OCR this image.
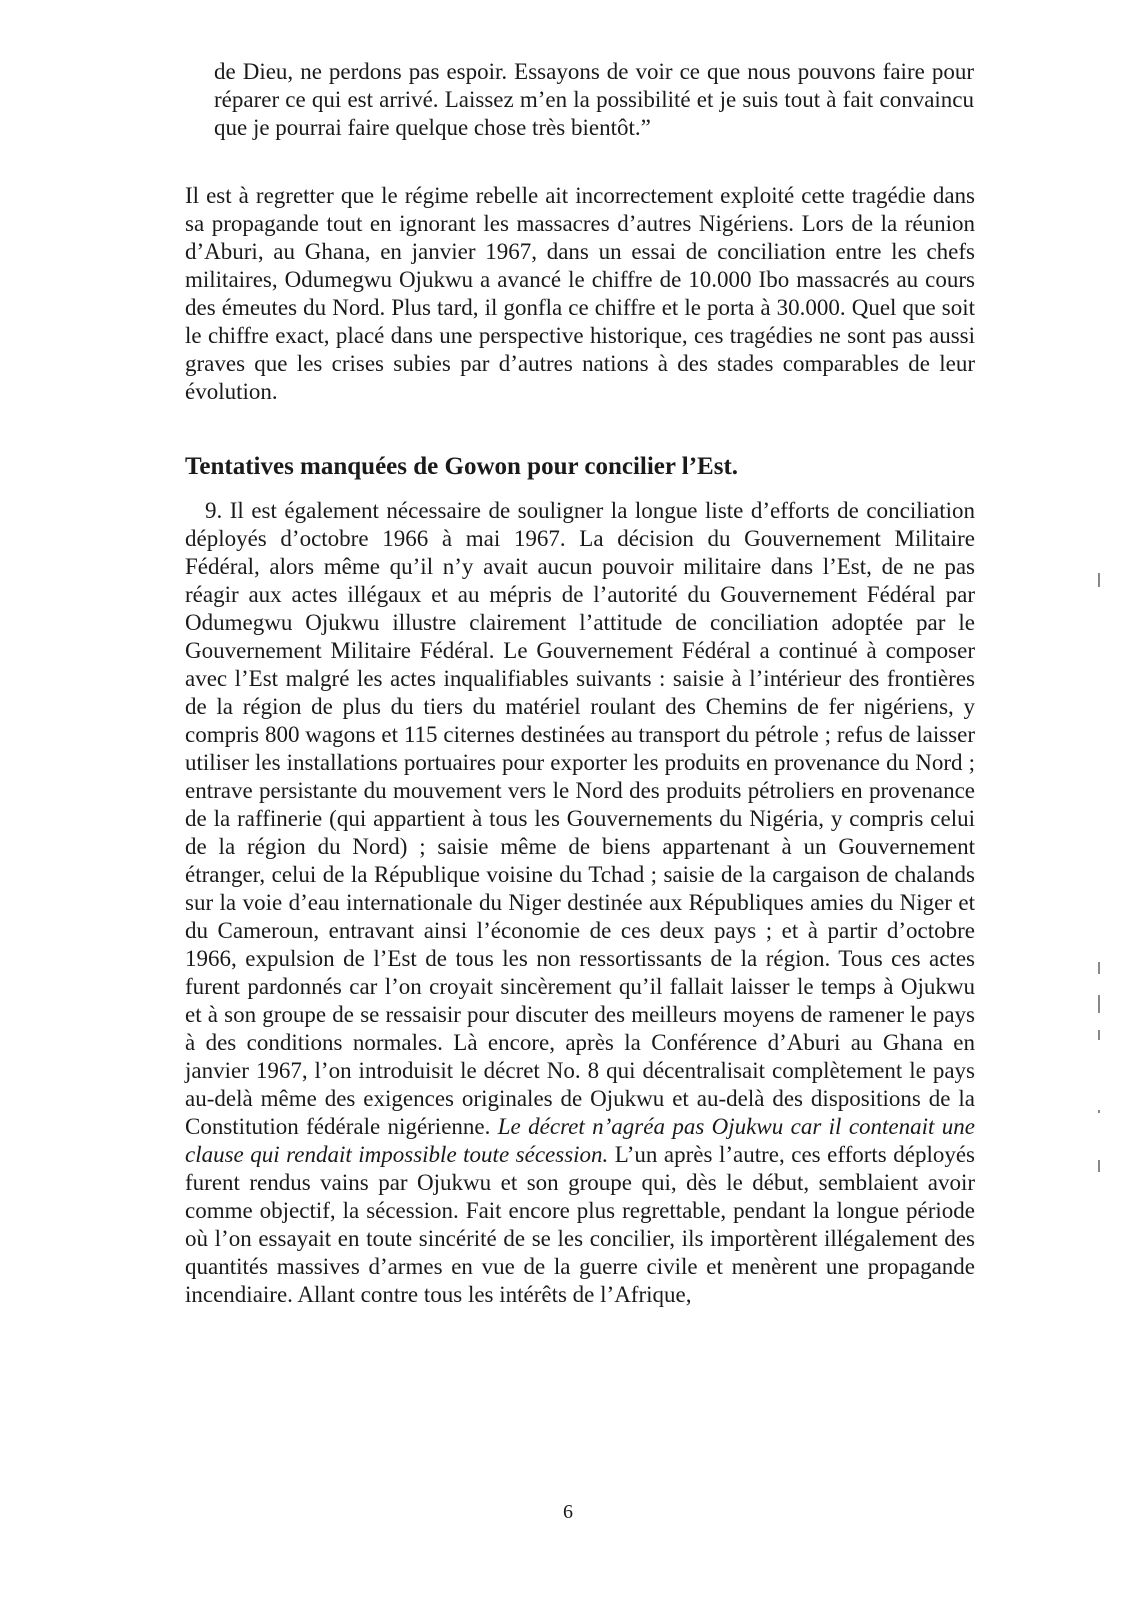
de Dieu, ne perdons pas espoir. Essayons de voir ce que nous pouvons faire pour réparer ce qui est arrivé. Laissez m’en la possibilité et je suis tout à fait convaincu que je pourrai faire quelque chose très bientôt.”

Il est à regretter que le régime rebelle ait incorrectement exploité cette tragédie dans sa propagande tout en ignorant les massacres d’autres Nigériens. Lors de la réunion d’Aburi, au Ghana, en janvier 1967, dans un essai de conciliation entre les chefs militaires, Odumegwu Ojukwu a avancé le chiffre de 10.000 Ibo massacrés au cours des émeutes du Nord. Plus tard, il gonfla ce chiffre et le porta à 30.000. Quel que soit le chiffre exact, placé dans une perspective historique, ces tragédies ne sont pas aussi graves que les crises subies par d’autres nations à des stades comparables de leur évolution.

Tentatives manquées de Gowon pour concilier l’Est.

9. Il est également nécessaire de souligner la longue liste d’efforts de conciliation déployés d’octobre 1966 à mai 1967. La décision du Gouvernement Militaire Fédéral, alors même qu’il n’y avait aucun pouvoir militaire dans l’Est, de ne pas réagir aux actes illégaux et au mépris de l’autorité du Gouvernement Fédéral par Odumegwu Ojukwu illustre clairement l’attitude de conciliation adoptée par le Gouvernement Militaire Fédéral. Le Gouvernement Fédéral a continué à composer avec l’Est malgré les actes inqualifiables suivants : saisie à l’intérieur des frontières de la région de plus du tiers du matériel roulant des Chemins de fer nigériens, y compris 800 wagons et 115 citernes destinées au transport du pétrole ; refus de laisser utiliser les installations portuaires pour exporter les produits en provenance du Nord ; entrave persistante du mouvement vers le Nord des produits pétroliers en provenance de la raffinerie (qui appartient à tous les Gouvernements du Nigéria, y compris celui de la région du Nord) ; saisie même de biens appartenant à un Gouvernement étranger, celui de la République voisine du Tchad ; saisie de la cargaison de chalands sur la voie d’eau internationale du Niger destinée aux Républiques amies du Niger et du Cameroun, entravant ainsi l’économie de ces deux pays ; et à partir d’octobre 1966, expulsion de l’Est de tous les non ressortissants de la région. Tous ces actes furent pardonnés car l’on croyait sincèrement qu’il fallait laisser le temps à Ojukwu et à son groupe de se ressaisir pour discuter des meilleurs moyens de ramener le pays à des conditions normales. Là encore, après la Conférence d’Aburi au Ghana en janvier 1967, l’on introduisit le décret No. 8 qui décentralisait complètement le pays au-delà même des exigences originales de Ojukwu et au-delà des dispositions de la Constitution fédérale nigérienne. Le décret n’agréa pas Ojukwu car il contenait une clause qui rendait impossible toute sécession. L’un après l’autre, ces efforts déployés furent rendus vains par Ojukwu et son groupe qui, dès le début, semblaient avoir comme objectif, la sécession. Fait encore plus regrettable, pendant la longue période où l’on essayait en toute sincérité de se les concilier, ils importèrent illégalement des quantités massives d’armes en vue de la guerre civile et menèrent une propagande incendiaire. Allant contre tous les intérêts de l’Afrique,

6
